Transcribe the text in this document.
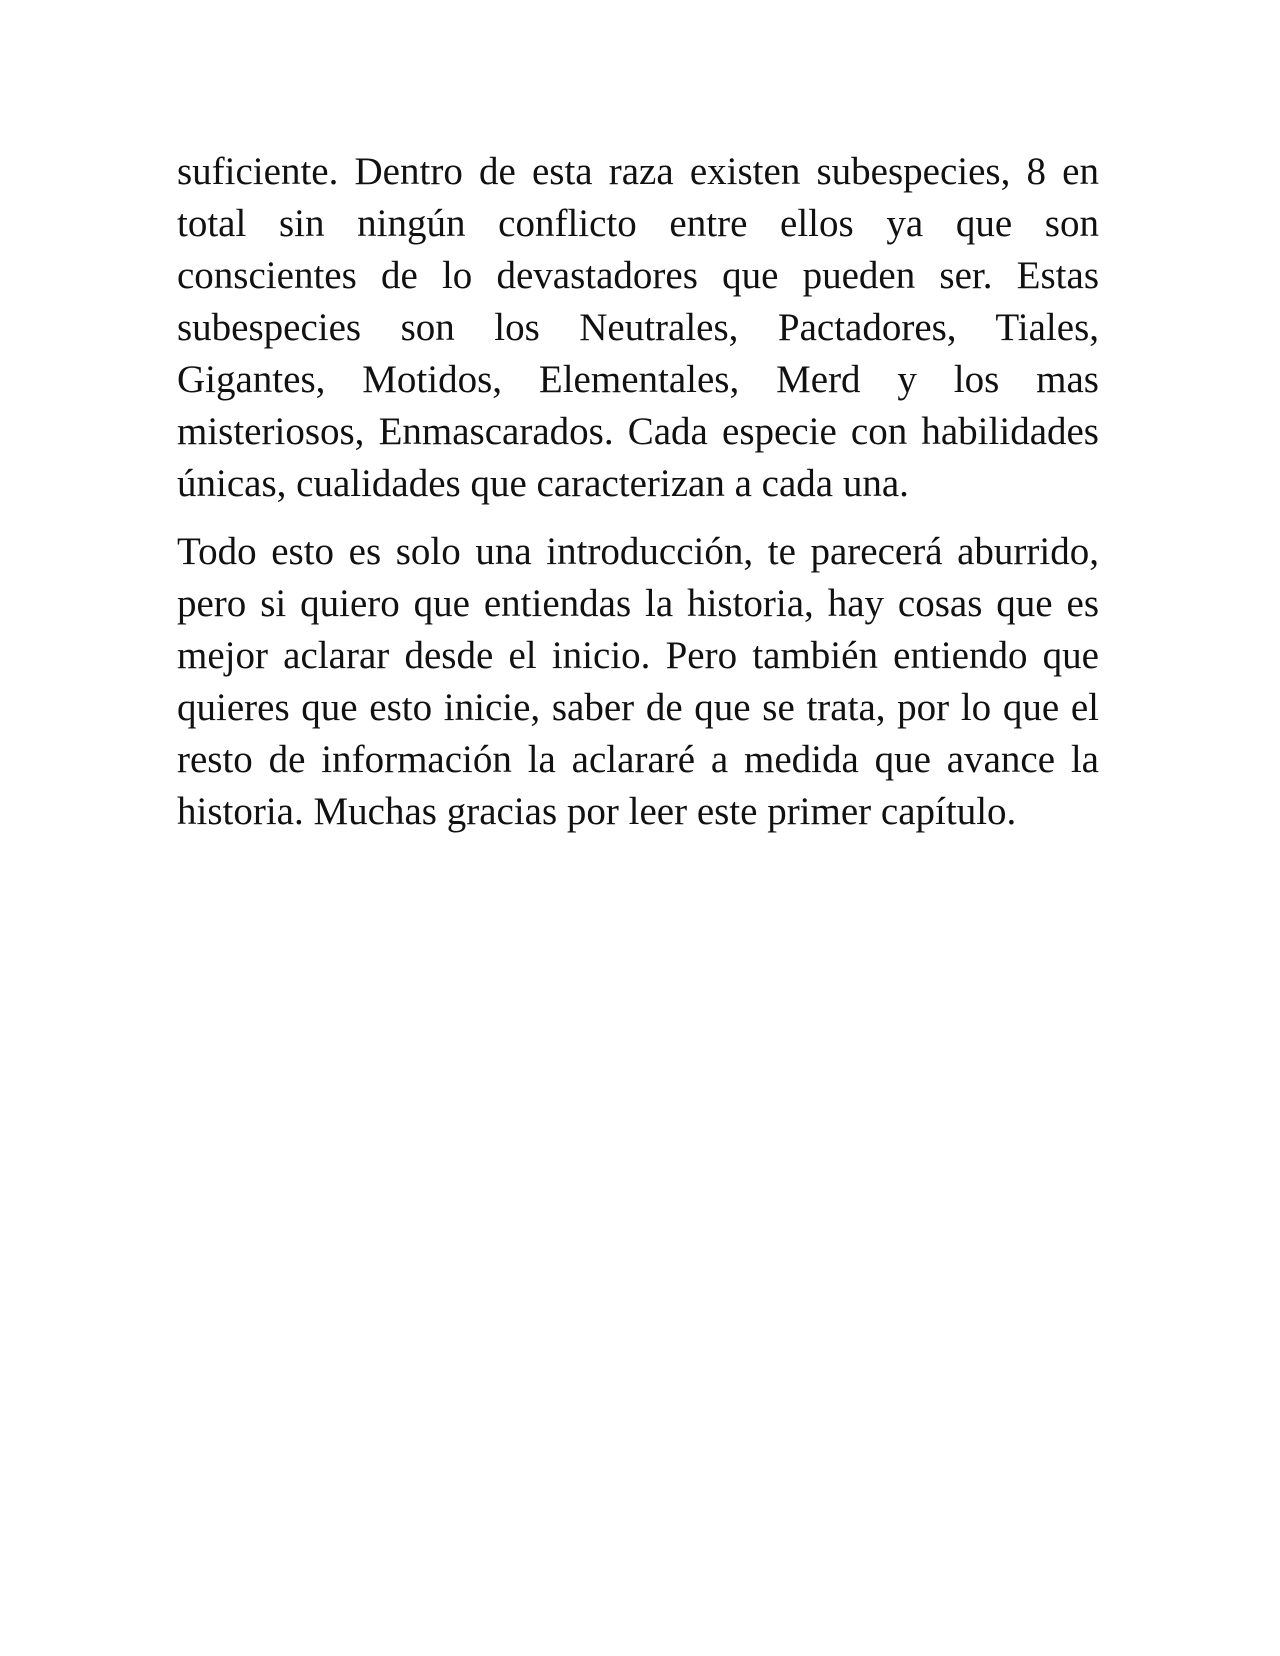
suficiente. Dentro de esta raza existen subespecies, 8 en total sin ningún conflicto entre ellos ya que son conscientes de lo devastadores que pueden ser. Estas subespecies son los Neutrales, Pactadores, Tiales, Gigantes, Motidos, Elementales, Merd y los mas misteriosos, Enmascarados. Cada especie con habilidades únicas, cualidades que caracterizan a cada una.

Todo esto es solo una introducción, te parecerá aburrido, pero si quiero que entiendas la historia, hay cosas que es mejor aclarar desde el inicio. Pero también entiendo que quieres que esto inicie, saber de que se trata, por lo que el resto de información la aclararé a medida que avance la historia. Muchas gracias por leer este primer capítulo.
